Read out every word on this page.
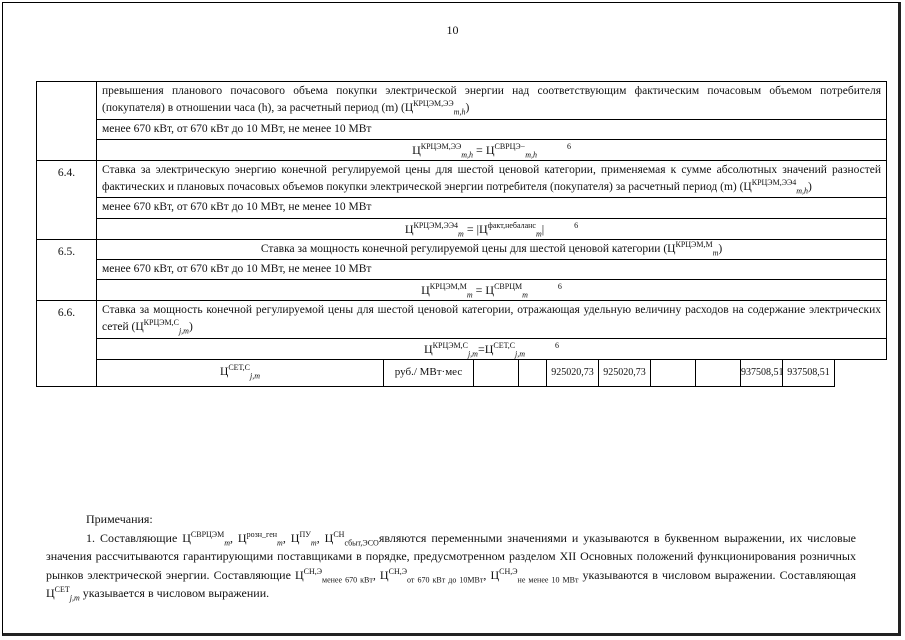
10
	превышения планового почасового объема покупки электрической энергии над соответствующим фактическим почасовым объемом потребителя (покупателя) в отношении часа (h), за расчетный период (m) $(Ц^{КРЦЭМ,ЭЭ}_{m,h})$									
	менее 670 кВт, от 670 кВт до 10 МВт, не менее 10 МВт									
	$Ц^{КРЦЭМ,ЭЭ}_{m,h} = Ц^{СВРЦЭ-}_{m,h}^6$
6.4.	Ставка за электрическую энергию конечной регулируемой цены для шестой ценовой категории, применяемая к сумме абсолютных значений разностей фактических и плановых почасовых объемов покупки электрической энергии потребителя (покупателя) за расчетный период (m) $(Ц^{КРЦЭМ,ЭЭ4}_{m,h})$									
	менее 670 кВт, от 670 кВт до 10 МВт, не менее 10 МВт									
	$Ц^{КРЦЭМ,ЭЭ4}_m = |Ц^{факт,небаланс}_m|$ $^6$
6.5.	Ставка за мощность конечной регулируемой цены для шестой ценовой категории $(Ц^{КРЦЭМ,М}_m)$									
	менее 670 кВт, от 670 кВт до 10 МВт, не менее 10 МВт									
	$Ц^{КРЦЭМ,М}_m = Ц^{СВРЦМ}_m^6$
6.6.	Ставка за мощность конечной регулируемой цены для шестой ценовой категории, отражающая удельную величину расходов на содержание электрических сетей $(Ц^{КРЦЭМ,С}_{j,m})$									
	$Ц^{КРЦЭМ,С}_{j,m}=Ц^{СЕТ,С}_{j,m}^6$
	$Ц^{СЕТ,С}_{j,m}$	руб./ МВт·мес			925020,73	925020,73			937508,51	937508,51

Примечания:

1. Составляющие $Ц^{СВРЦЭМ}_m$, $Ц^{розн\_ген}_m$, $Ц^{ПУ}_m$, $Ц^{СН}_{сбыт,ЭСО}являются$ переменными значениями и указываются в буквенном выражении, их числовые значения рассчитываются гарантирующими поставщиками в порядке, предусмотренном разделом XII Основных положений функционирования розничных рынков электрической энергии. Составляющие $Ц^{СН,Э}_{менее 670 кВт}$, $Ц^{СН,Э}_{от 670 кВт до 10МВт}$, $Ц^{СН,Э}_{не менее 10 МВт}$ указываются в числовом выражении. Составляющая $Ц^{СЕТ}_{j,m}$ указывается в числовом выражении.
